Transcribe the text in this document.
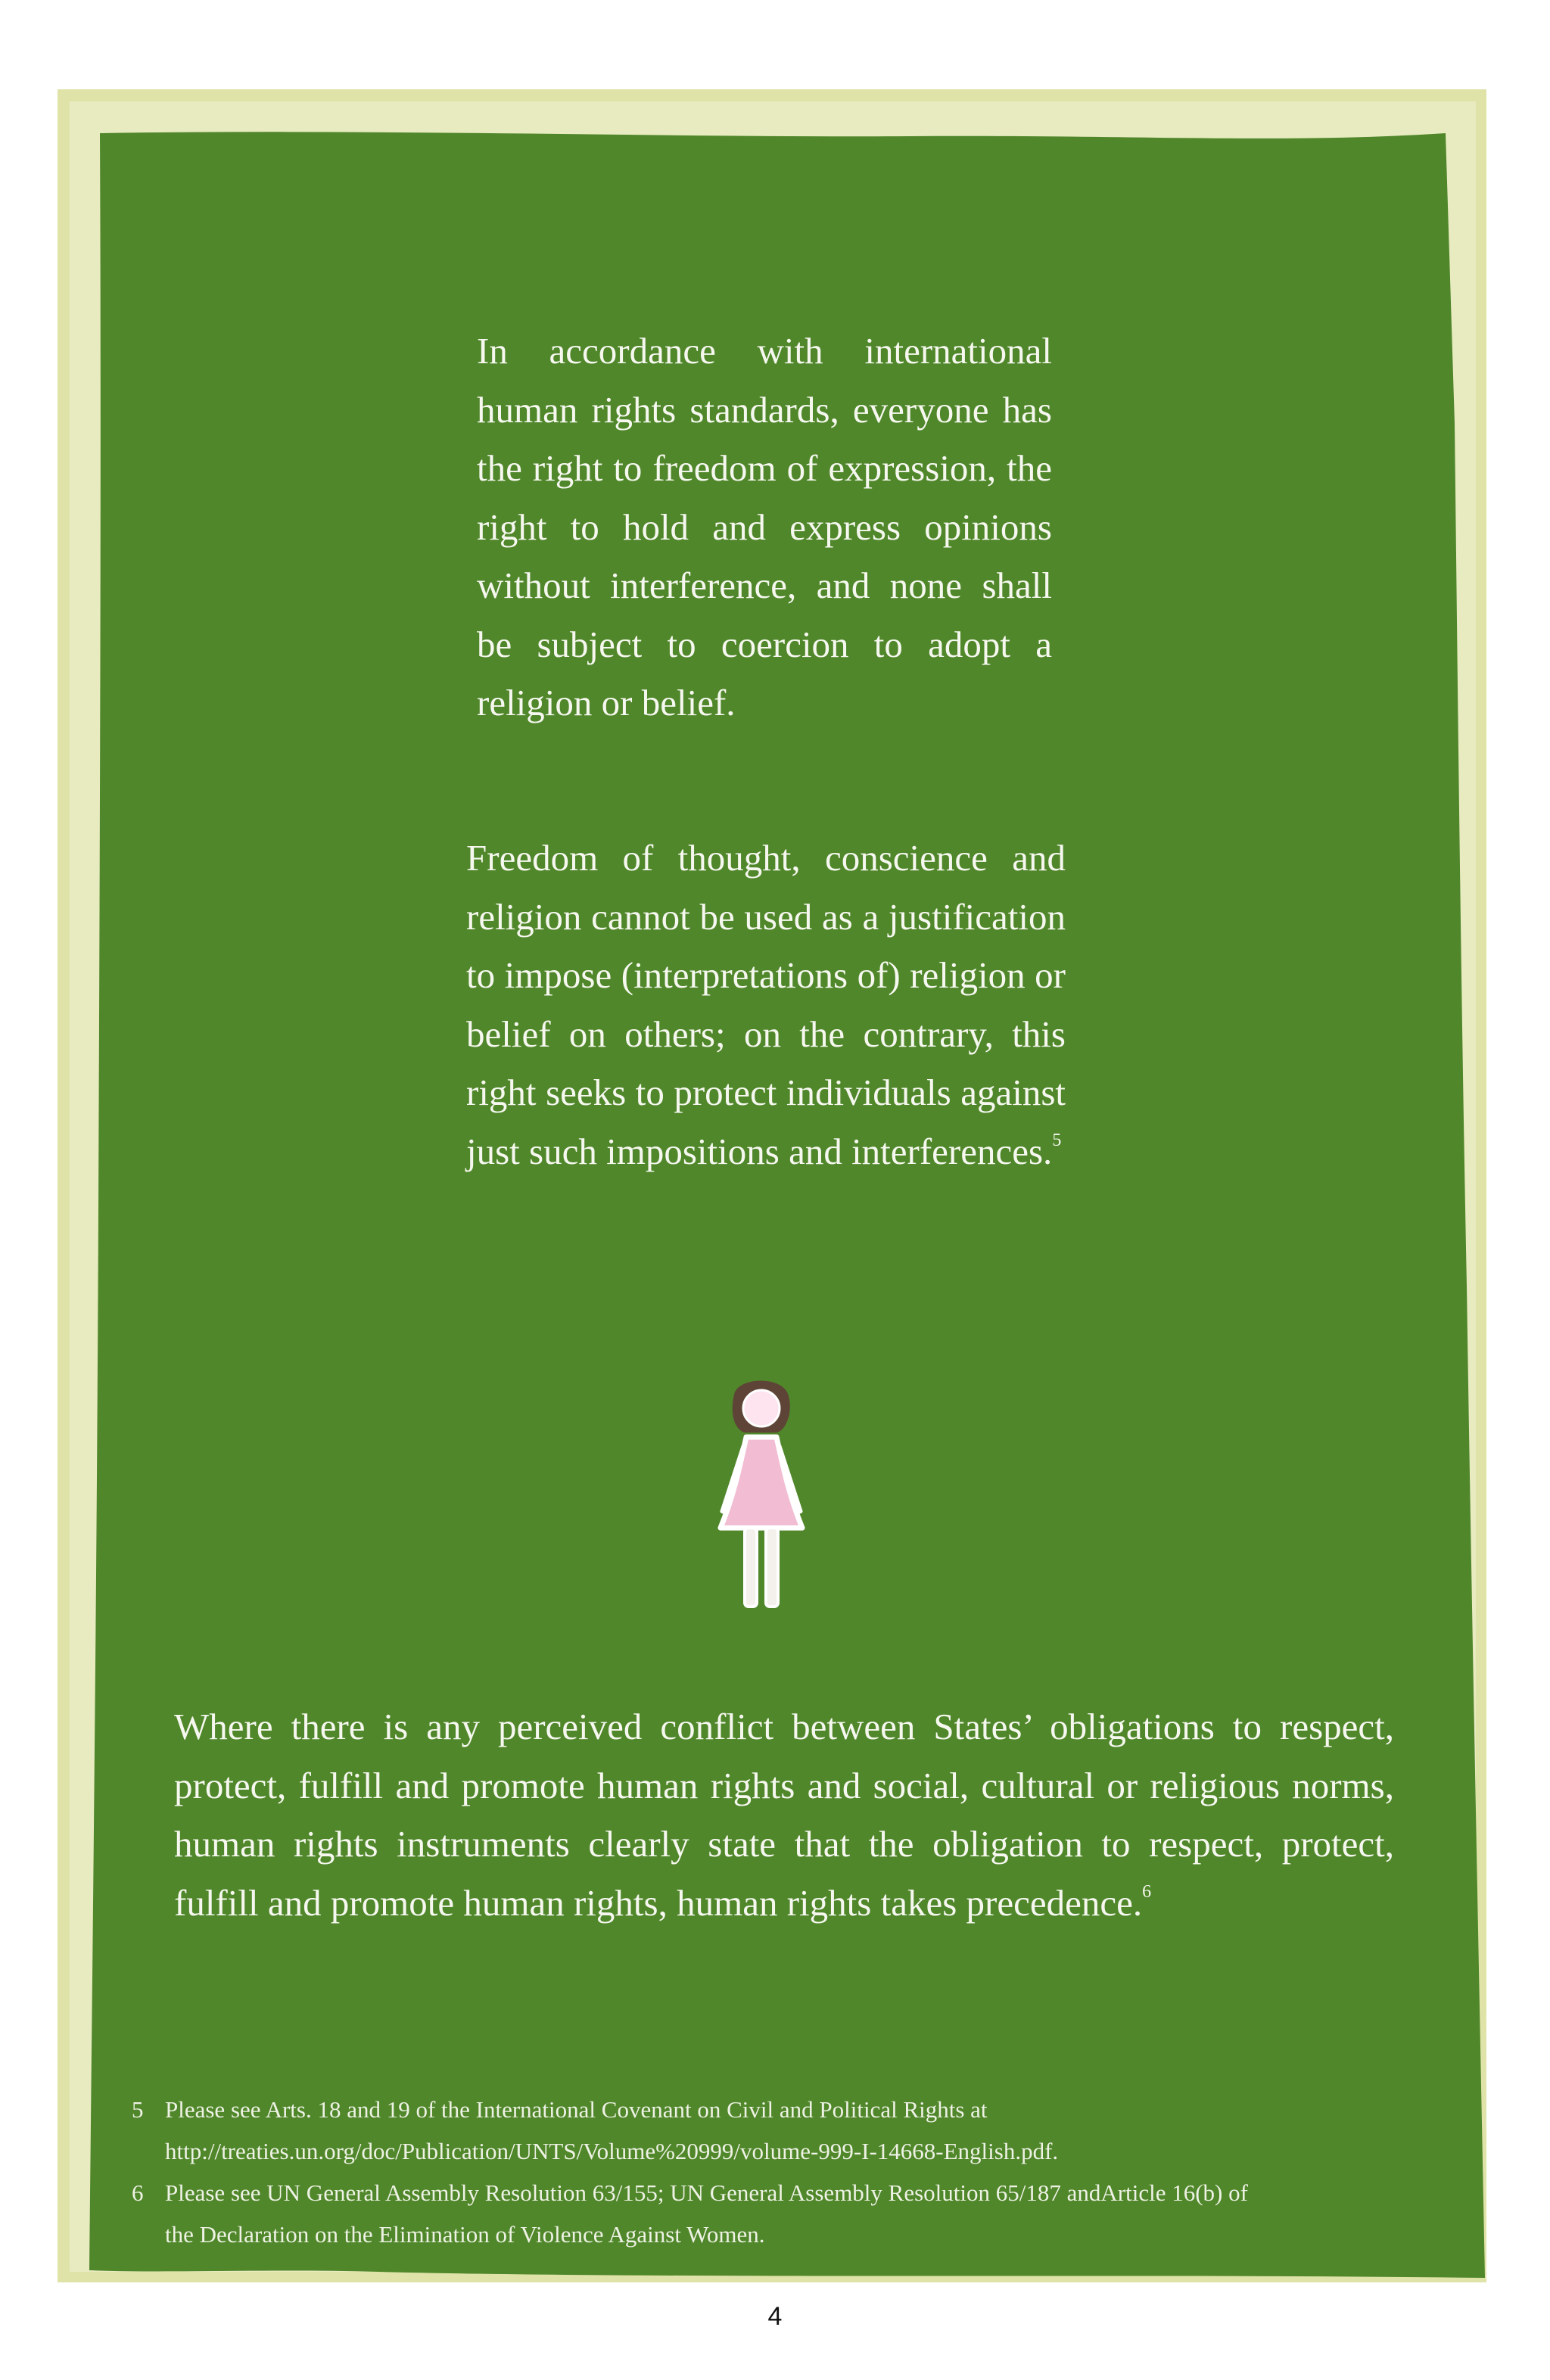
In accordance with international human rights standards, everyone has the right to freedom of expression, the right to hold and express opinions without interference, and none shall be subject to coercion to adopt a religion or belief.
Freedom of thought, conscience and religion cannot be used as a justification to impose (interpretations of) religion or belief on others; on the contrary, this right seeks to protect individuals against just such impositions and interferences.$^5$
Where there is any perceived conflict between States’ obligations to respect, protect, fulfill and promote human rights and social, cultural or religious norms, human rights instruments clearly state that the obligation to respect, protect, fulfill and promote human rights, human rights takes precedence.$^6$
5 Please see Arts. 18 and 19 of the International Covenant on Civil and Political Rights at
http://treaties.un.org/doc/Publication/UNTS/Volume%20999/volume-999-I-14668-English.pdf.
6 Please see UN General Assembly Resolution 63/155; UN General Assembly Resolution 65/187 andArticle 16(b) of
the Declaration on the Elimination of Violence Against Women.
4
